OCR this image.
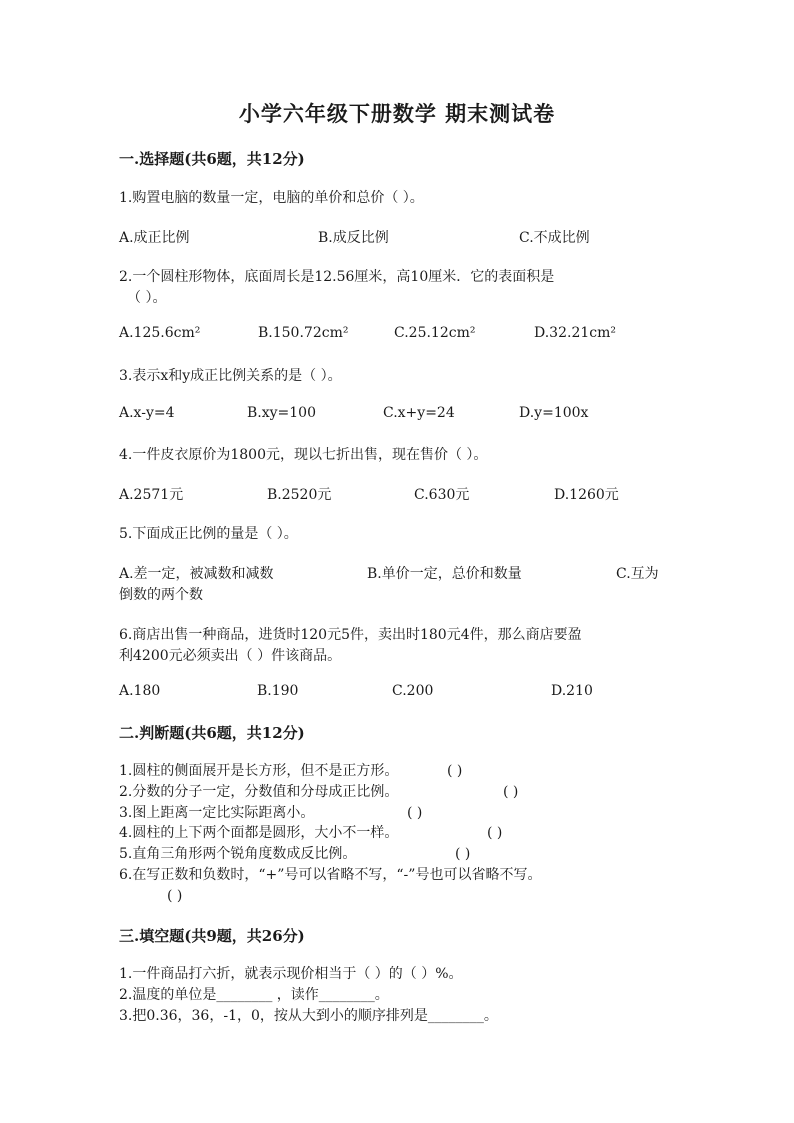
小学六年级下册数学 期末测试卷
一.选择题(共6题，共12分)
1.购置电脑的数量一定，电脑的单价和总价（ ）。
A.成正比例	B.成反比例	C.不成比例
2.一个圆柱形物体，底面周长是12.56厘米，高10厘米．它的表面积是
（ ）。
A.125.6cm²	B.150.72cm²	C.25.12cm²	D.32.21cm²
3.表示x和y成正比例关系的是（ ）。
A.x-y=4	B.xy=100	C.x+y=24	D.y=100x
4.一件皮衣原价为1800元，现以七折出售，现在售价（ ）。
A.2571元	B.2520元	C.630元	D.1260元
5.下面成正比例的量是（ ）。
A.差一定，被减数和减数	B.单价一定，总价和数量	C.互为
倒数的两个数
6.商店出售一种商品，进货时120元5件，卖出时180元4件，那么商店要盈
利4200元必须卖出（ ）件该商品。
A.180	B.190	C.200	D.210
二.判断题(共6题，共12分)
1.圆柱的侧面展开是长方形，但不是正方形。	( )
2.分数的分子一定，分数值和分母成正比例。	( )
3.图上距离一定比实际距离小。	( )
4.圆柱的上下两个面都是圆形，大小不一样。	( )
5.直角三角形两个锐角度数成反比例。	( )
6.在写正数和负数时，“+”号可以省略不写，“-”号也可以省略不写。
( )
三.填空题(共9题，共26分)
1.一件商品打六折，就表示现价相当于（ ）的（ ）%。
2.温度的单位是________ ，读作________。
3.把0.36，36，-1，0，按从大到小的顺序排列是________。
